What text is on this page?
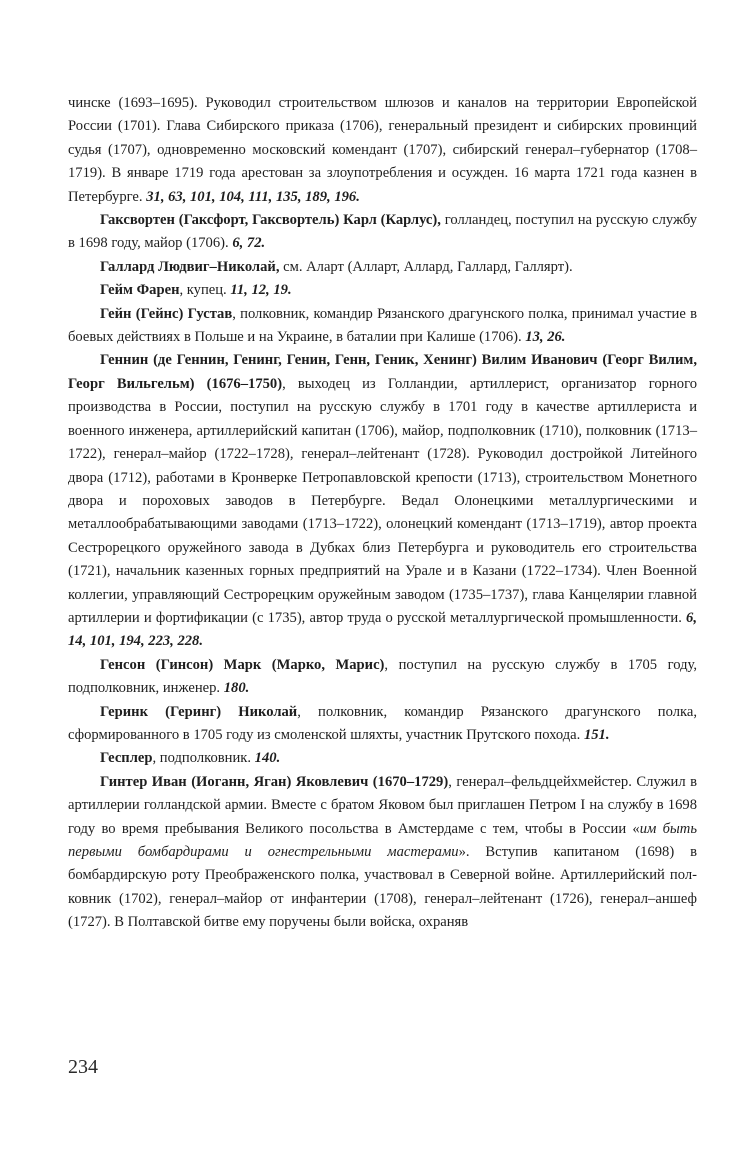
чинске (1693–1695). Руководил строительством шлюзов и каналов на территории Европейской России (1701). Глава Сибирского приказа (1706), генеральный президент и сибирских провинций судья (1707), одновременно московский комендант (1707), сибирский генерал–губернатор (1708–1719). В январе 1719 года арестован за злоупотребления и осужден. 16 марта 1721 года казнен в Петербурге. 31, 63, 101, 104, 111, 135, 189, 196.

Гаксвортен (Гаксфорт, Гаксвортель) Карл (Карлус), голландец, поступил на русскую службу в 1698 году, майор (1706). 6, 72.

Галлард Людвиг–Николай, см. Аларт (Алларт, Аллард, Галлард, Галлярт).

Гейм Фарен, купец. 11, 12, 19.

Гейн (Гейнс) Густав, полковник, командир Рязанского драгунского полка, принимал участие в боевых действиях в Польше и на Украине, в баталии при Калише (1706). 13, 26.

Геннин (де Геннин, Генинг, Генин, Генн, Геник, Хенинг) Вилим Иванович (Георг Вилим, Георг Вильгельм) (1676–1750), выходец из Голландии, артиллерист, организатор горного производства в России, поступил на русскую службу в 1701 году в качестве артиллериста и военного инженера, артиллерийский капитан (1706), майор, подполковник (1710), полковник (1713–1722), генерал–майор (1722–1728), генерал–лейтенант (1728). Руководил достройкой Литейного двора (1712), работами в Кронверке Петропавловской крепости (1713), строительством Монетного двора и пороховых заводов в Петербурге. Ведал Олонецкими металлургическими и металлообрабатывающими заводами (1713–1722), олонецкий комендант (1713–1719), автор проекта Сестрорецкого оружейного завода в Дубках близ Петербурга и руководитель его строительства (1721), начальник казенных горных предприятий на Урале и в Казани (1722–1734). Член Военной коллегии, управляющий Сестрорецким оружейным заводом (1735–1737), глава Канцелярии главной артиллерии и фортификации (с 1735), автор труда о русской металлургической промышленности. 6, 14, 101, 194, 223, 228.

Генсон (Гинсон) Марк (Марко, Марис), поступил на русскую службу в 1705 году, подполковник, инженер. 180.

Геринк (Геринг) Николай, полковник, командир Рязанского драгунского полка, сформированного в 1705 году из смоленской шляхты, участник Прутского похода. 151.

Гесплер, подполковник. 140.

Гинтер Иван (Иоганн, Яган) Яковлевич (1670–1729), генерал–фельдцейхмейстер. Служил в артиллерии голландской армии. Вместе с братом Яковом был приглашен Петром I на службу в 1698 году во время пребывания Великого посольства в Амстердаме с тем, чтобы в России «им быть первыми бомбардирами и огнестрельными мастерами». Вступив капитаном (1698) в бомбардирскую роту Преображенского полка, участвовал в Северной войне. Артиллерийский полковник (1702), генерал–майор от инфантерии (1708), генерал–лейтенант (1726), генерал–аншеф (1727). В Полтавской битве ему поручены были войска, охраняв

234
